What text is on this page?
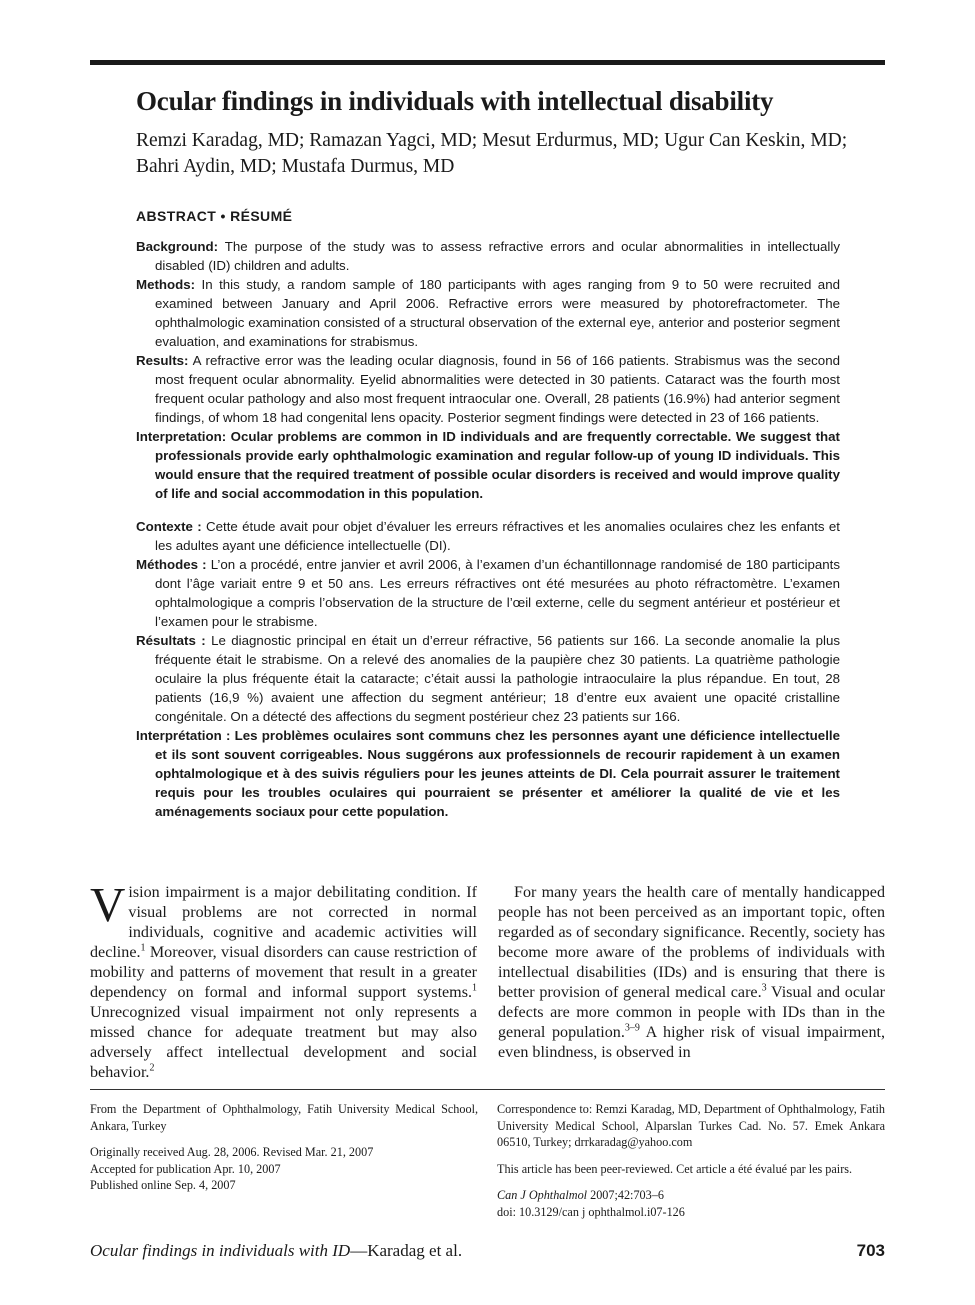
Ocular findings in individuals with intellectual disability
Remzi Karadag, MD; Ramazan Yagci, MD; Mesut Erdurmus, MD; Ugur Can Keskin, MD;
Bahri Aydin, MD; Mustafa Durmus, MD
ABSTRACT • RÉSUMÉ

Background: The purpose of the study was to assess refractive errors and ocular abnormalities in intellectually disabled (ID) children and adults.

Methods: In this study, a random sample of 180 participants with ages ranging from 9 to 50 were recruited and examined between January and April 2006. Refractive errors were measured by photorefractometer. The ophthalmologic examination consisted of a structural observation of the external eye, anterior and posterior segment evaluation, and examinations for strabismus.

Results: A refractive error was the leading ocular diagnosis, found in 56 of 166 patients. Strabismus was the second most frequent ocular abnormality. Eyelid abnormalities were detected in 30 patients. Cataract was the fourth most frequent ocular pathology and also most frequent intraocular one. Overall, 28 patients (16.9%) had anterior segment findings, of whom 18 had congenital lens opacity. Posterior segment findings were detected in 23 of 166 patients.

Interpretation: Ocular problems are common in ID individuals and are frequently correctable. We suggest that professionals provide early ophthalmologic examination and regular follow-up of young ID individuals. This would ensure that the required treatment of possible ocular disorders is received and would improve quality of life and social accommodation in this population.

Contexte : Cette étude avait pour objet d’évaluer les erreurs réfractives et les anomalies oculaires chez les enfants et les adultes ayant une déficience intellectuelle (DI).

Méthodes : L’on a procédé, entre janvier et avril 2006, à l’examen d’un échantillonnage randomisé de 180 participants dont l’âge variait entre 9 et 50 ans. Les erreurs réfractives ont été mesurées au photo réfractomètre. L’examen ophtalmologique a compris l’observation de la structure de l’œil externe, celle du segment antérieur et postérieur et l’examen pour le strabisme.

Résultats : Le diagnostic principal en était un d’erreur réfractive, 56 patients sur 166. La seconde anomalie la plus fréquente était le strabisme. On a relevé des anomalies de la paupière chez 30 patients. La quatrième pathologie oculaire la plus fréquente était la cataracte; c’était aussi la pathologie intraoculaire la plus répandue. En tout, 28 patients (16,9 %) avaient une affection du segment antérieur; 18 d’entre eux avaient une opacité cristalline congénitale. On a détecté des affections du segment postérieur chez 23 patients sur 166.

Interprétation : Les problèmes oculaires sont communs chez les personnes ayant une déficience intellectuelle et ils sont souvent corrigeables. Nous suggérons aux professionnels de recourir rapidement à un examen ophtalmologique et à des suivis réguliers pour les jeunes atteints de DI. Cela pourrait assurer le traitement requis pour les troubles oculaires qui pourraient se présenter et améliorer la qualité de vie et les aménagements sociaux pour cette population.

Vision impairment is a major debilitating condition. If visual problems are not corrected in normal individuals, cognitive and academic activities will decline.$^1$ Moreover, visual disorders can cause restriction of mobility and patterns of movement that result in a greater dependency on formal and informal support systems.$^1$ Unrecognized visual impairment not only represents a missed chance for adequate treatment but may also adversely affect intellectual development and social behavior.$^2$

For many years the health care of mentally handicapped people has not been perceived as an important topic, often regarded as of secondary significance. Recently, society has become more aware of the problems of individuals with intellectual disabilities (IDs) and is ensuring that there is better provision of general medical care.$^3$ Visual and ocular defects are more common in people with IDs than in the general population.$^{3-9}$ A higher risk of visual impairment, even blindness, is observed in

From the Department of Ophthalmology, Fatih University Medical School, Ankara, Turkey

Originally received Aug. 28, 2006. Revised Mar. 21, 2007
Accepted for publication Apr. 10, 2007
Published online Sep. 4, 2007

Correspondence to: Remzi Karadag, MD, Department of Ophthalmology, Fatih University Medical School, Alparslan Turkes Cad. No. 57. Emek Ankara 06510, Turkey; drrkaradag@yahoo.com

This article has been peer-reviewed. Cet article a été évalué par les pairs.

Can J Ophthalmol 2007;42:703–6
doi: 10.3129/can j ophthalmol.i07-126

Ocular findings in individuals with ID—Karadag et al.	703
